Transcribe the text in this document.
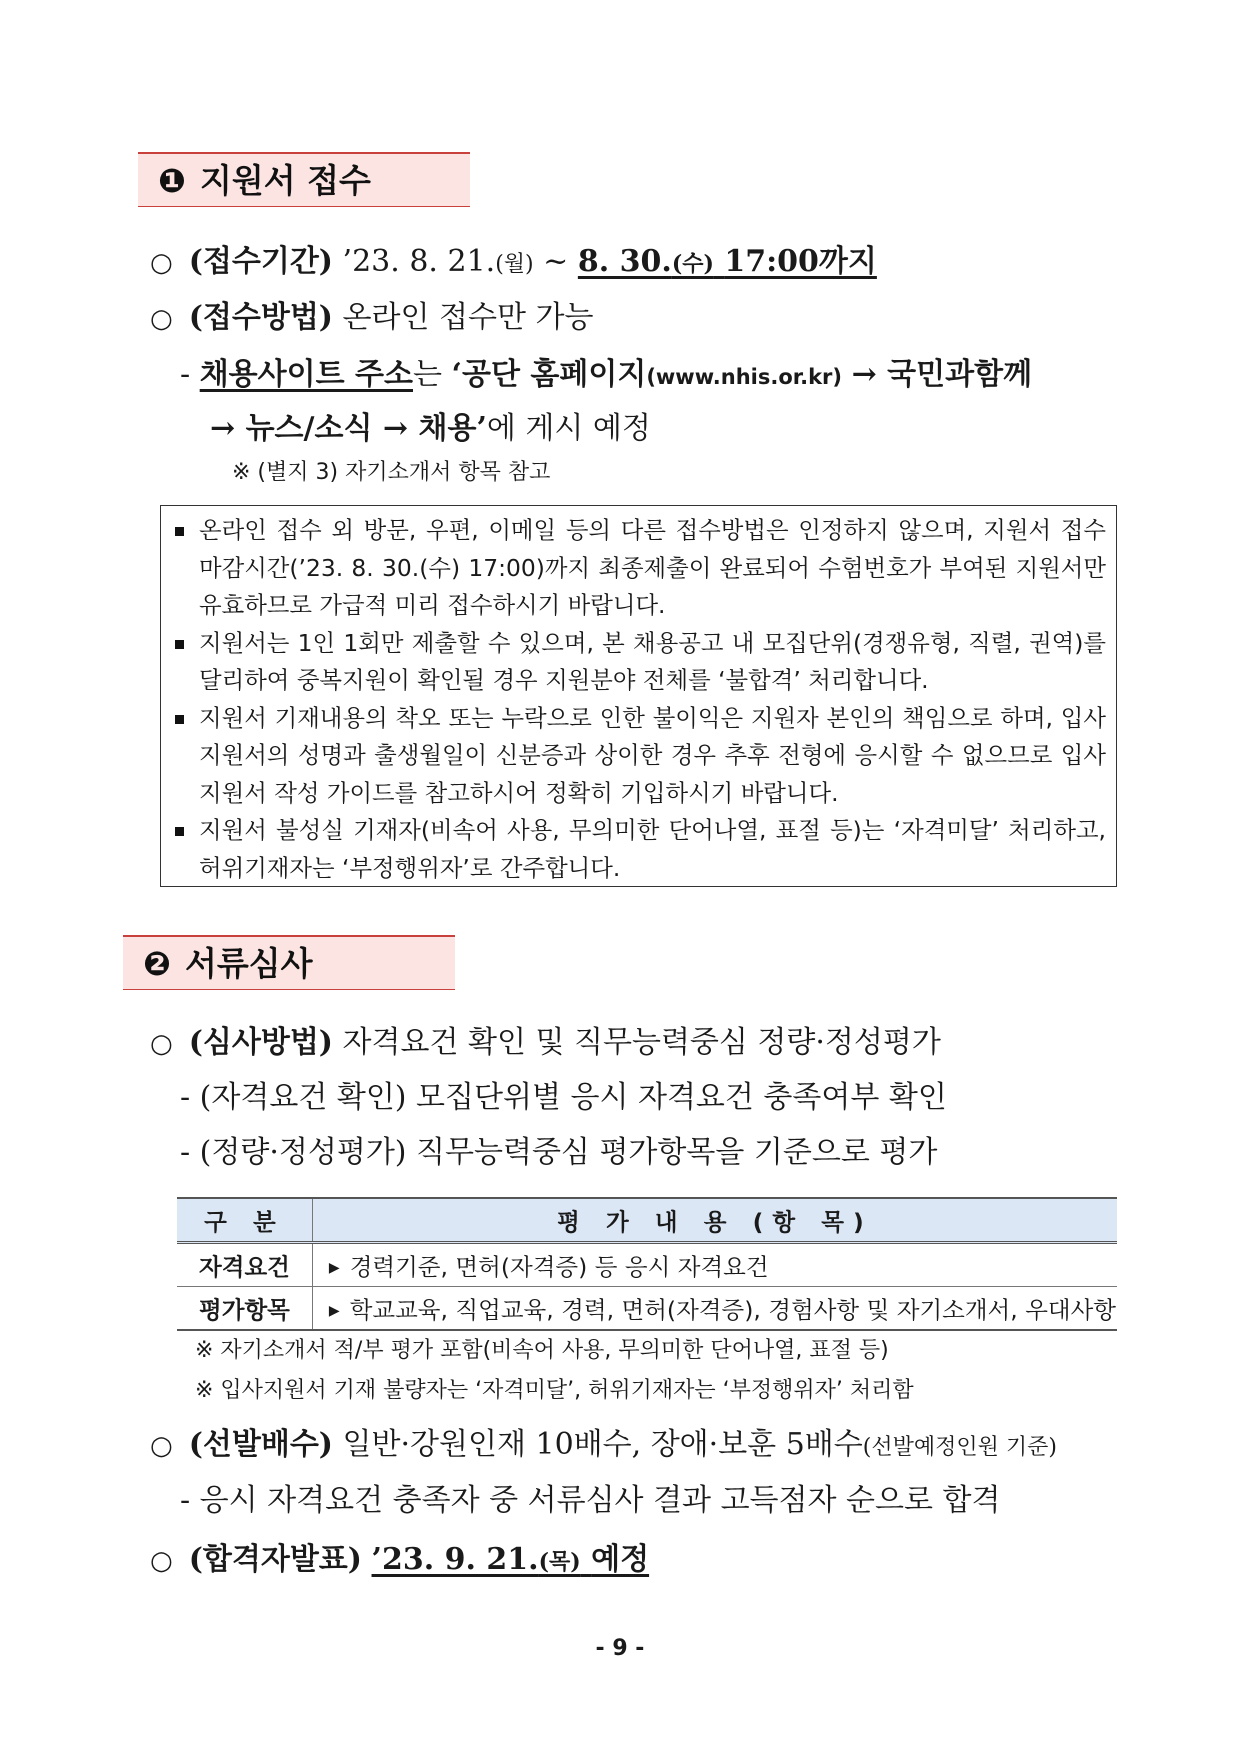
❶ 지원서 접수
○ (접수기간) ’23. 8. 21.(월) ~ 8. 30.(수) 17:00까지
○ (접수방법) 온라인 접수만 가능
- 채용사이트 주소는 ‘공단 홈페이지(www.nhis.or.kr) → 국민과함께
→ 뉴스/소식 → 채용’에 게시 예정
※ (별지 3) 자기소개서 항목 참고
온라인 접수 외 방문, 우편, 이메일 등의 다른 접수방법은 인정하지 않으며, 지원서 접수 마감시간(’23. 8. 30.(수) 17:00)까지 최종제출이 완료되어 수험번호가 부여된 지원서만 유효하므로 가급적 미리 접수하시기 바랍니다.
지원서는 1인 1회만 제출할 수 있으며, 본 채용공고 내 모집단위(경쟁유형, 직렬, 권역)를 달리하여 중복지원이 확인될 경우 지원분야 전체를 ‘불합격’ 처리합니다.
지원서 기재내용의 착오 또는 누락으로 인한 불이익은 지원자 본인의 책임으로 하며, 입사지원서의 성명과 출생월일이 신분증과 상이한 경우 추후 전형에 응시할 수 없으므로 입사지원서 작성 가이드를 참고하시어 정확히 기입하시기 바랍니다.
지원서 불성실 기재자(비속어 사용, 무의미한 단어나열, 표절 등)는 ‘자격미달’ 처리하고, 허위기재자는 ‘부정행위자’로 간주합니다.
❷ 서류심사
○ (심사방법) 자격요건 확인 및 직무능력중심 정량·정성평가
- (자격요건 확인) 모집단위별 응시 자격요건 충족여부 확인
- (정량·정성평가) 직무능력중심 평가항목을 기준으로 평가
구 분	평 가 내 용 (항 목)
자격요건	▶ 경력기준, 면허(자격증) 등 응시 자격요건
평가항목	▶ 학교교육, 직업교육, 경력, 면허(자격증), 경험사항 및 자기소개서, 우대사항
※ 자기소개서 적/부 평가 포함(비속어 사용, 무의미한 단어나열, 표절 등)
※ 입사지원서 기재 불량자는 ‘자격미달’, 허위기재자는 ‘부정행위자’ 처리함
○ (선발배수) 일반·강원인재 10배수, 장애·보훈 5배수(선발예정인원 기준)
- 응시 자격요건 충족자 중 서류심사 결과 고득점자 순으로 합격
○ (합격자발표) ’23. 9. 21.(목) 예정
- 9 -
